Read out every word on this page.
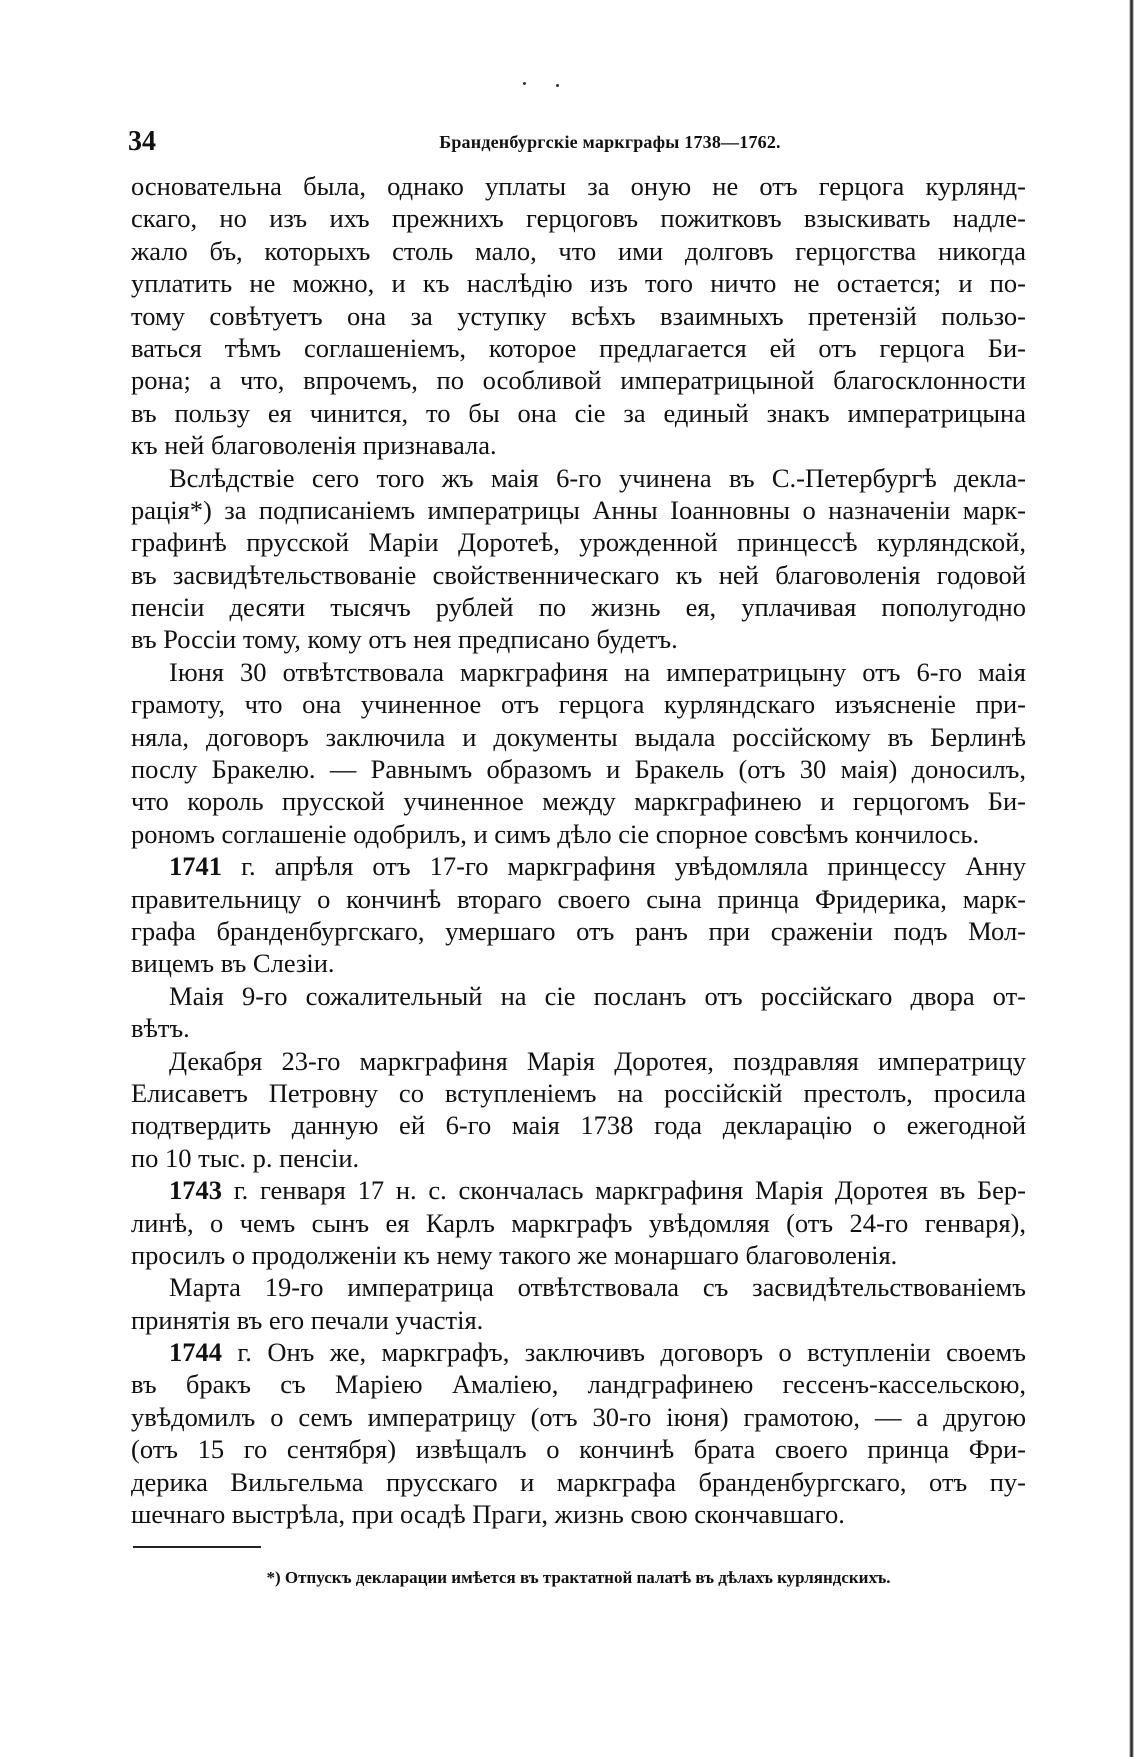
34	Бранденбургскіе маркграфы 1738—1762.
основательна была, однако уплаты за оную не отъ герцога курлянд-
скаго, но изъ ихъ прежнихъ герцоговъ пожитковъ взыскивать надле-
жало бъ, которыхъ столь мало, что ими долговъ герцогства никогда
уплатить не можно, и къ наслѣдію изъ того ничто не остается; и по-
тому совѣтуетъ она за уступку всѣхъ взаимныхъ претензій пользо-
ваться тѣмъ соглашеніемъ, которое предлагается ей отъ герцога Би-
рона; а что, впрочемъ, по особливой императрицыной благосклонности
въ пользу ея чинится, то бы она сіе за единый знакъ императрицына
къ ней благоволенія признавала.
Вслѣдствіе сего того жъ маія 6-го учинена въ С.-Петербургѣ декла-
рація*) за подписаніемъ императрицы Анны Іоанновны о назначеніи марк-
графинѣ прусской Маріи Доротеѣ, урожденной принцессѣ курляндской,
въ засвидѣтельствованіе свойственническаго къ ней благоволенія годовой
пенсіи десяти тысячъ рублей по жизнь ея, уплачивая пополугодно
въ Россіи тому, кому отъ нея предписано будетъ.
Іюня 30 отвѣтствовала маркграфиня на императрицыну отъ 6-го маія
грамоту, что она учиненное отъ герцога курляндскаго изъясненіе при-
няла, договоръ заключила и документы выдала россійскому въ Берлинѣ
послу Бракелю. — Равнымъ образомъ и Бракель (отъ 30 маія) доносилъ,
что король прусской учиненное между маркграфинею и герцогомъ Би-
рономъ соглашеніе одобрилъ, и симъ дѣло сіе спорное совсѣмъ кончилось.
1741 г. апрѣля отъ 17-го маркграфиня увѣдомляла принцессу Анну
правительницу о кончинѣ втораго своего сына принца Фридерика, марк-
графа бранденбургскаго, умершаго отъ ранъ при сраженіи подъ Мол-
вицемъ въ Слезіи.
Маія 9-го сожалительный на сіе посланъ отъ россійскаго двора от-
вѣтъ.
Декабря 23-го маркграфиня Марія Доротея, поздравляя императрицу
Елисаветъ Петровну со вступленіемъ на россійскій престолъ, просила
подтвердить данную ей 6-го маія 1738 года декларацію о ежегодной
по 10 тыс. р. пенсіи.
1743 г. генваря 17 н. с. скончалась маркграфиня Марія Доротея въ Бер-
линѣ, о чемъ сынъ ея Карлъ маркграфъ увѣдомляя (отъ 24-го генваря),
просилъ о продолженіи къ нему такого же монаршаго благоволенія.
Марта 19-го императрица отвѣтствовала съ засвидѣтельствованіемъ
принятія въ его печали участія.
1744 г. Онъ же, маркграфъ, заключивъ договоръ о вступленіи своемъ
въ бракъ съ Маріею Амаліею, ландграфинею гессенъ-кассельскою,
увѣдомилъ о семъ императрицу (отъ 30-го іюня) грамотою, — а другою
(отъ 15 го сентября) извѣщалъ о кончинѣ брата своего принца Фри-
дерика Вильгельма прусскаго и маркграфа бранденбургскаго, отъ пу-
шечнаго выстрѣла, при осадѣ Праги, жизнь свою скончавшаго.
*) Отпускъ декларации имѣется въ трактатной палатѣ въ дѣлахъ курляндскихъ.
